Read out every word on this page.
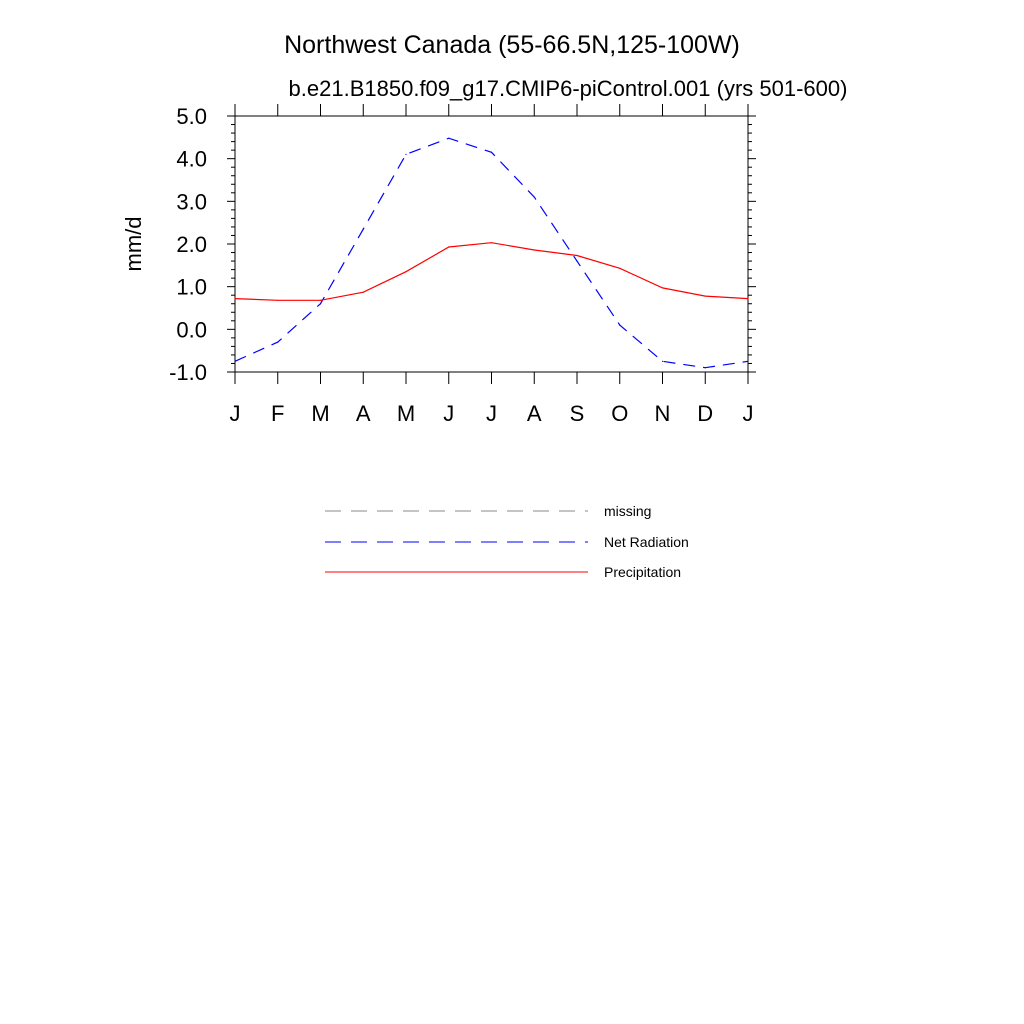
Northwest Canada (55-66.5N,125-100W)
b.e21.B1850.f09_g17.CMIP6-piControl.001 (yrs 501-600)
mm/d
-1.0
0.0
1.0
2.0
3.0
4.0
5.0
J F M A M J J A S O N D J
missing
Net Radiation
Precipitation
